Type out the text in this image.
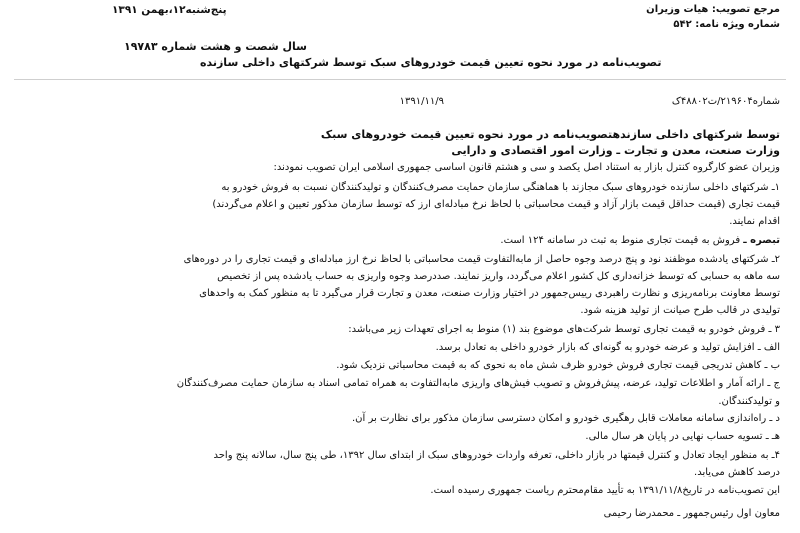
پنج‌شنبه۱۲،بهمن ۱۳۹۱	مرجع تصویب: هیات وزیران
شماره ویژه نامه: ۵۴۲
سال شصت و هشت شماره ۱۹۷۸۳
تصویب‌نامه در مورد نحوه تعیین قیمت خودروهای سبک توسط شرکتهای داخلی سازنده
شماره۲۱۹۶۰۴/ت۴۸۸۰۲ک
۱۳۹۱/۱۱/۹
توسط شرکتهای داخلی سازندهتصویب‌نامه در مورد نحوه تعیین قیمت خودروهای سبک
وزارت صنعت، معدن و تجارت ـ وزارت امور اقتصادی و دارایی
وزیران عضو کارگروه کنترل بازار به استناد اصل یکصد و سی و هشتم قانون اساسی جمهوری اسلامی ایران تصویب نمودند:
۱ـ شرکتهای داخلی سازنده خودروهای سبک مجازند با هماهنگی سازمان حمایت مصرف‌کنندگان و تولیدکنندگان نسبت به فروش خودرو به
قیمت تجاری (قیمت حداقل قیمت بازار آزاد و قیمت محاسباتی با لحاظ نرخ مبادله‌ای ارز که توسط سازمان مذکور تعیین و اعلام می‌گردند)
اقدام نمایند.
تبصره ـ فروش به قیمت تجاری منوط به ثبت در سامانه ۱۲۴ است.
۲ـ شرکتهای یادشده موظفند نود و پنج درصد وجوه حاصل از مابه‌التفاوت قیمت محاسباتی با لحاظ نرخ ارز مبادله‌ای و قیمت تجاری را در دوره‌های
سه ماهه به حسابی که توسط خزانه‌داری کل کشور اعلام می‌گردد، واریز نمایند. صددرصد وجوه واریزی به حساب یادشده پس از تخصیص
توسط معاونت برنامه‌ریزی و نظارت راهبردی رییس‌جمهور در اختیار وزارت صنعت، معدن و تجارت قرار می‌گیرد تا به منظور کمک به واحدهای
تولیدی در قالب طرح صیانت از تولید هزینه شود.
۳ ـ فروش خودرو به قیمت تجاری توسط شرکت‌های موضوع بند (۱) منوط به اجرای تعهدات زیر می‌باشد:
الف ـ افزایش تولید و عرضه خودرو به گونه‌ای که بازار خودرو داخلی به تعادل برسد.
ب ـ کاهش تدریجی قیمت تجاری فروش خودرو ظرف شش ماه به نحوی که به قیمت محاسباتی نزدیک شود.
ج ـ ارائه آمار و اطلاعات تولید، عرضه، پیش‌فروش و تصویب فیش‌های واریزی مابه‌التفاوت به همراه تمامی اسناد به سازمان حمایت مصرف‌کنندگان
و تولیدکنندگان.
د ـ راه‌اندازی سامانه معاملات قابل رهگیری خودرو و امکان دسترسی سازمان مذکور برای نظارت بر آن.
هـ ـ تسویه حساب نهایی در پایان هر سال مالی.
۴ـ به منظور ایجاد تعادل و کنترل قیمتها در بازار داخلی، تعرفه واردات خودروهای سبک از ابتدای سال ۱۳۹۲، طی پنج سال، سالانه پنج واحد
درصد کاهش می‌یابد.
این تصویب‌نامه در تاریخ۱۳۹۱/۱۱/۸ به تأیید مقام‌محترم ریاست جمهوری رسیده است.
معاون اول رئیس‌جمهور ـ محمدرضا رحیمی
